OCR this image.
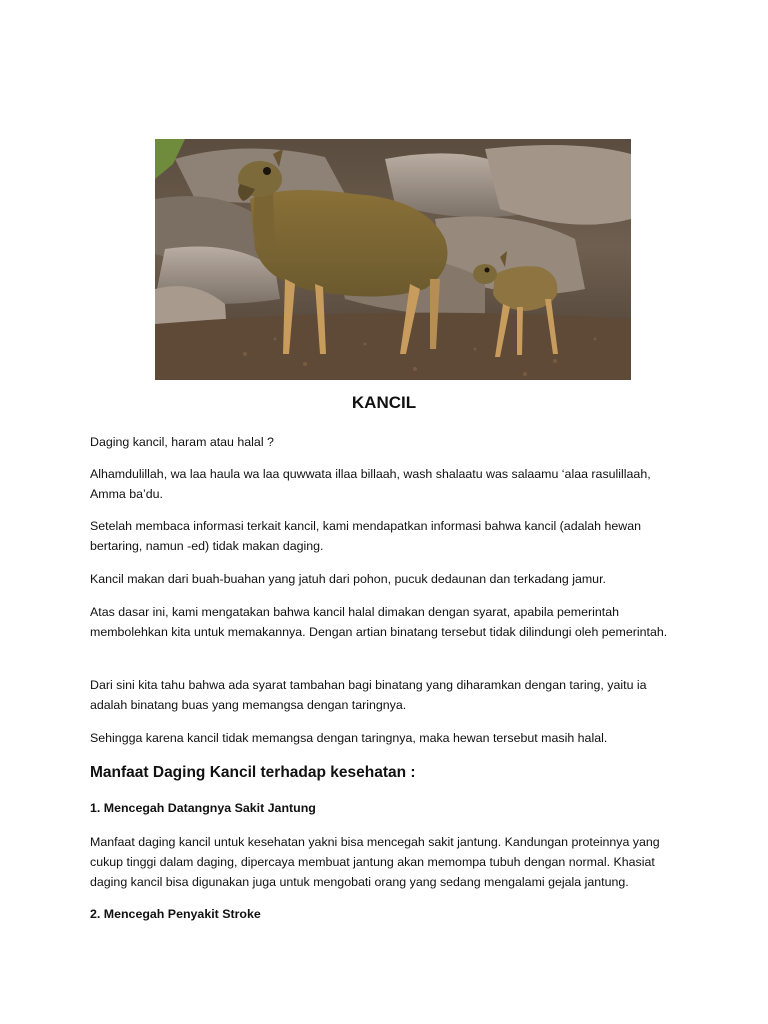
KANCIL

Daging kancil, haram atau halal ?

Alhamdulillah, wa laa haula wa laa quwwata illaa billaah, wash shalaatu was salaamu ‘alaa rasulillaah, Amma ba’du.

Setelah membaca informasi terkait kancil, kami mendapatkan informasi bahwa kancil (adalah hewan bertaring, namun -ed) tidak makan daging.

Kancil makan dari buah-buahan yang jatuh dari pohon, pucuk dedaunan dan terkadang jamur.

Atas dasar ini, kami mengatakan bahwa kancil halal dimakan dengan syarat, apabila pemerintah membolehkan kita untuk memakannya. Dengan artian binatang tersebut tidak dilindungi oleh pemerintah.

Dari sini kita tahu bahwa ada syarat tambahan bagi binatang yang diharamkan dengan taring, yaitu ia adalah binatang buas yang memangsa dengan taringnya.

Sehingga karena kancil tidak memangsa dengan taringnya, maka hewan tersebut masih halal.

Manfaat Daging Kancil terhadap kesehatan :

1. Mencegah Datangnya Sakit Jantung

Manfaat daging kancil untuk kesehatan yakni bisa mencegah sakit jantung. Kandungan proteinnya yang cukup tinggi dalam daging, dipercaya membuat jantung akan memompa tubuh dengan normal. Khasiat daging kancil bisa digunakan juga untuk mengobati orang yang sedang mengalami gejala jantung.

2. Mencegah Penyakit Stroke
